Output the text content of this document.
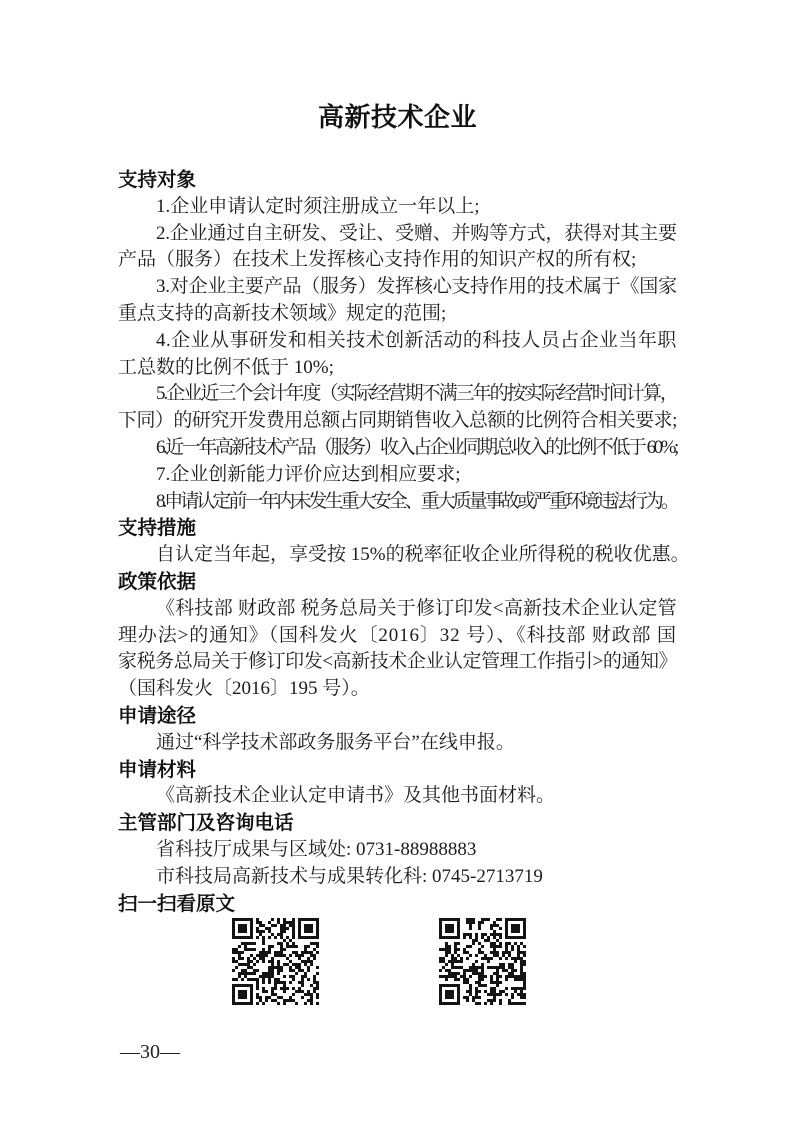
高新技术企业
支持对象
1.企业申请认定时须注册成立一年以上;
2.企业通过自主研发、受让、受赠、并购等方式，获得对其主要
产品（服务）在技术上发挥核心支持作用的知识产权的所有权;
3.对企业主要产品（服务）发挥核心支持作用的技术属于《国家
重点支持的高新技术领域》规定的范围;
4.企业从事研发和相关技术创新活动的科技人员占企业当年职
工总数的比例不低于 10%;
5.企业近三个会计年度（实际经营期不满三年的按实际经营时间计算，
下同）的研究开发费用总额占同期销售收入总额的比例符合相关要求;
6.近一年高新技术产品（服务）收入占企业同期总收入的比例不低于 60%;
7.企业创新能力评价应达到相应要求;
8.申请认定前一年内未发生重大安全、重大质量事故或严重环境违法行为。
支持措施
自认定当年起，享受按 15%的税率征收企业所得税的税收优惠。
政策依据
《科技部 财政部 税务总局关于修订印发<高新技术企业认定管
理办法>的通知》（国科发火〔2016〕32 号）、《科技部 财政部 国
家税务总局关于修订印发<高新技术企业认定管理工作指引>的通知》
（国科发火〔2016〕195 号）。
申请途径
通过“科学技术部政务服务平台”在线申报。
申请材料
《高新技术企业认定申请书》及其他书面材料。
主管部门及咨询电话
省科技厅成果与区域处: 0731-88988883
市科技局高新技术与成果转化科: 0745-2713719
扫一扫看原文
—30—
